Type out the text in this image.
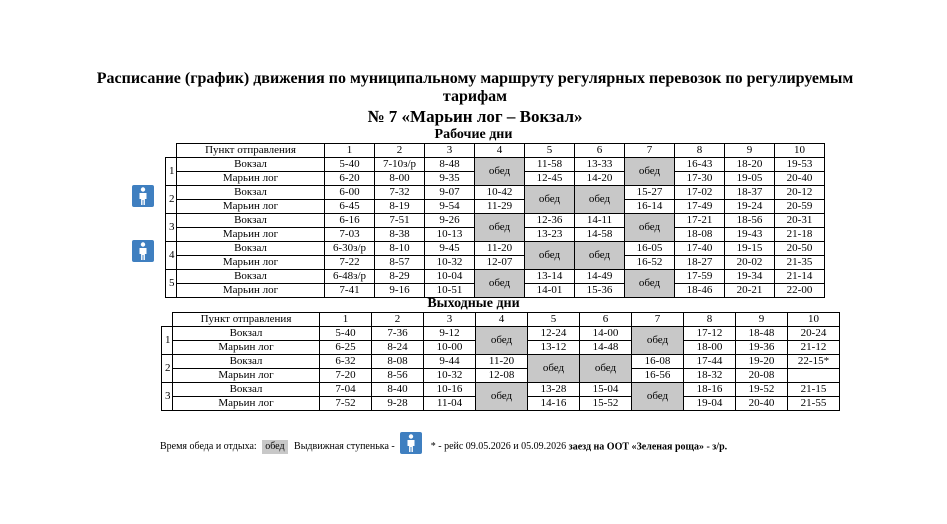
Расписание (график) движения по муниципальному маршруту регулярных перевозок по регулируемым
тарифам
№ 7 «Марьин лог – Вокзал»
Рабочие дни
	Пункт отправления	1	2	3	4	5	6	7	8	9	10
1	Вокзал	5-40	7-10з/р	8-48	обед	11-58	13-33	обед	16-43	18-20	19-53
	Марьин лог	6-20	8-00	9-35		12-45	14-20		17-30	19-05	20-40
2	Вокзал	6-00	7-32	9-07	10-42	обед	обед	15-27	17-02	18-37	20-12
	Марьин лог	6-45	8-19	9-54	11-29			16-14	17-49	19-24	20-59
3	Вокзал	6-16	7-51	9-26	обед	12-36	14-11	обед	17-21	18-56	20-31
	Марьин лог	7-03	8-38	10-13		13-23	14-58		18-08	19-43	21-18
4	Вокзал	6-30з/р	8-10	9-45	11-20	обед	обед	16-05	17-40	19-15	20-50
	Марьин лог	7-22	8-57	10-32	12-07			16-52	18-27	20-02	21-35
5	Вокзал	6-48з/р	8-29	10-04	обед	13-14	14-49	обед	17-59	19-34	21-14
	Марьин лог	7-41	9-16	10-51		14-01	15-36		18-46	20-21	22-00
Выходные дни
	Пункт отправления	1	2	3	4	5	6	7	8	9	10
1	Вокзал	5-40	7-36	9-12	обед	12-24	14-00	обед	17-12	18-48	20-24
	Марьин лог	6-25	8-24	10-00		13-12	14-48		18-00	19-36	21-12
2	Вокзал	6-32	8-08	9-44	11-20	обед	обед	16-08	17-44	19-20	22-15*
	Марьин лог	7-20	8-56	10-32	12-08			16-56	18-32	20-08	
3	Вокзал	7-04	8-40	10-16	обед	13-28	15-04	обед	18-16	19-52	21-15
	Марьин лог	7-52	9-28	11-04		14-16	15-52		19-04	20-40	21-55
Время обеда и отдыха: обед Выдвижная ступенька -	* - рейс 09.05.2026 и 05.09.2026 заезд на ООТ «Зеленая роща» - з/р.
